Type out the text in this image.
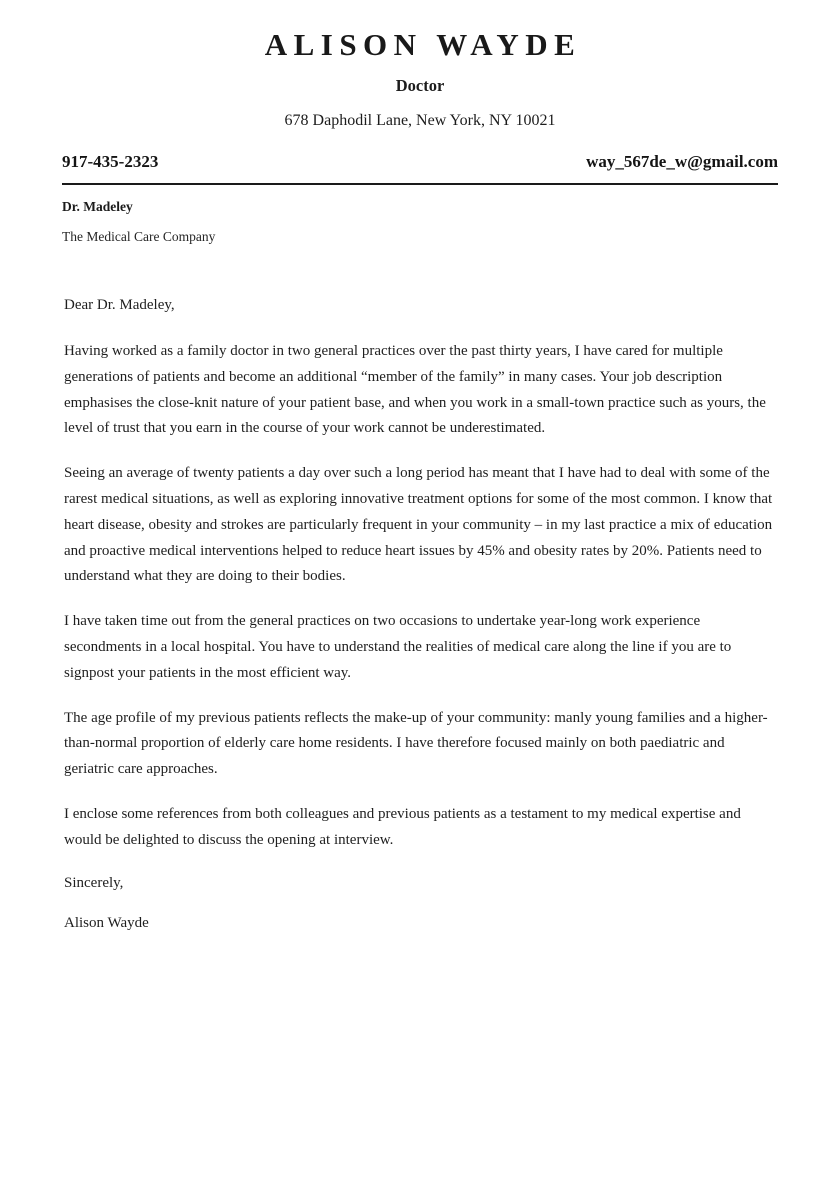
ALISON WAYDE
Doctor
678 Daphodil Lane, New York, NY 10021
917-435-2323	way_567de_w@gmail.com
Dr. Madeley
The Medical Care Company

Dear Dr. Madeley,

Having worked as a family doctor in two general practices over the past thirty years, I have cared for multiple generations of patients and become an additional “member of the family” in many cases. Your job description emphasises the close-knit nature of your patient base, and when you work in a small-town practice such as yours, the level of trust that you earn in the course of your work cannot be underestimated.

Seeing an average of twenty patients a day over such a long period has meant that I have had to deal with some of the rarest medical situations, as well as exploring innovative treatment options for some of the most common. I know that heart disease, obesity and strokes are particularly frequent in your community – in my last practice a mix of education and proactive medical interventions helped to reduce heart issues by 45% and obesity rates by 20%. Patients need to understand what they are doing to their bodies.

I have taken time out from the general practices on two occasions to undertake year-long work experience secondments in a local hospital. You have to understand the realities of medical care along the line if you are to signpost your patients in the most efficient way.

The age profile of my previous patients reflects the make-up of your community: manly young families and a higher-than-normal proportion of elderly care home residents. I have therefore focused mainly on both paediatric and geriatric care approaches.

I enclose some references from both colleagues and previous patients as a testament to my medical expertise and would be delighted to discuss the opening at interview.

Sincerely,

Alison Wayde
